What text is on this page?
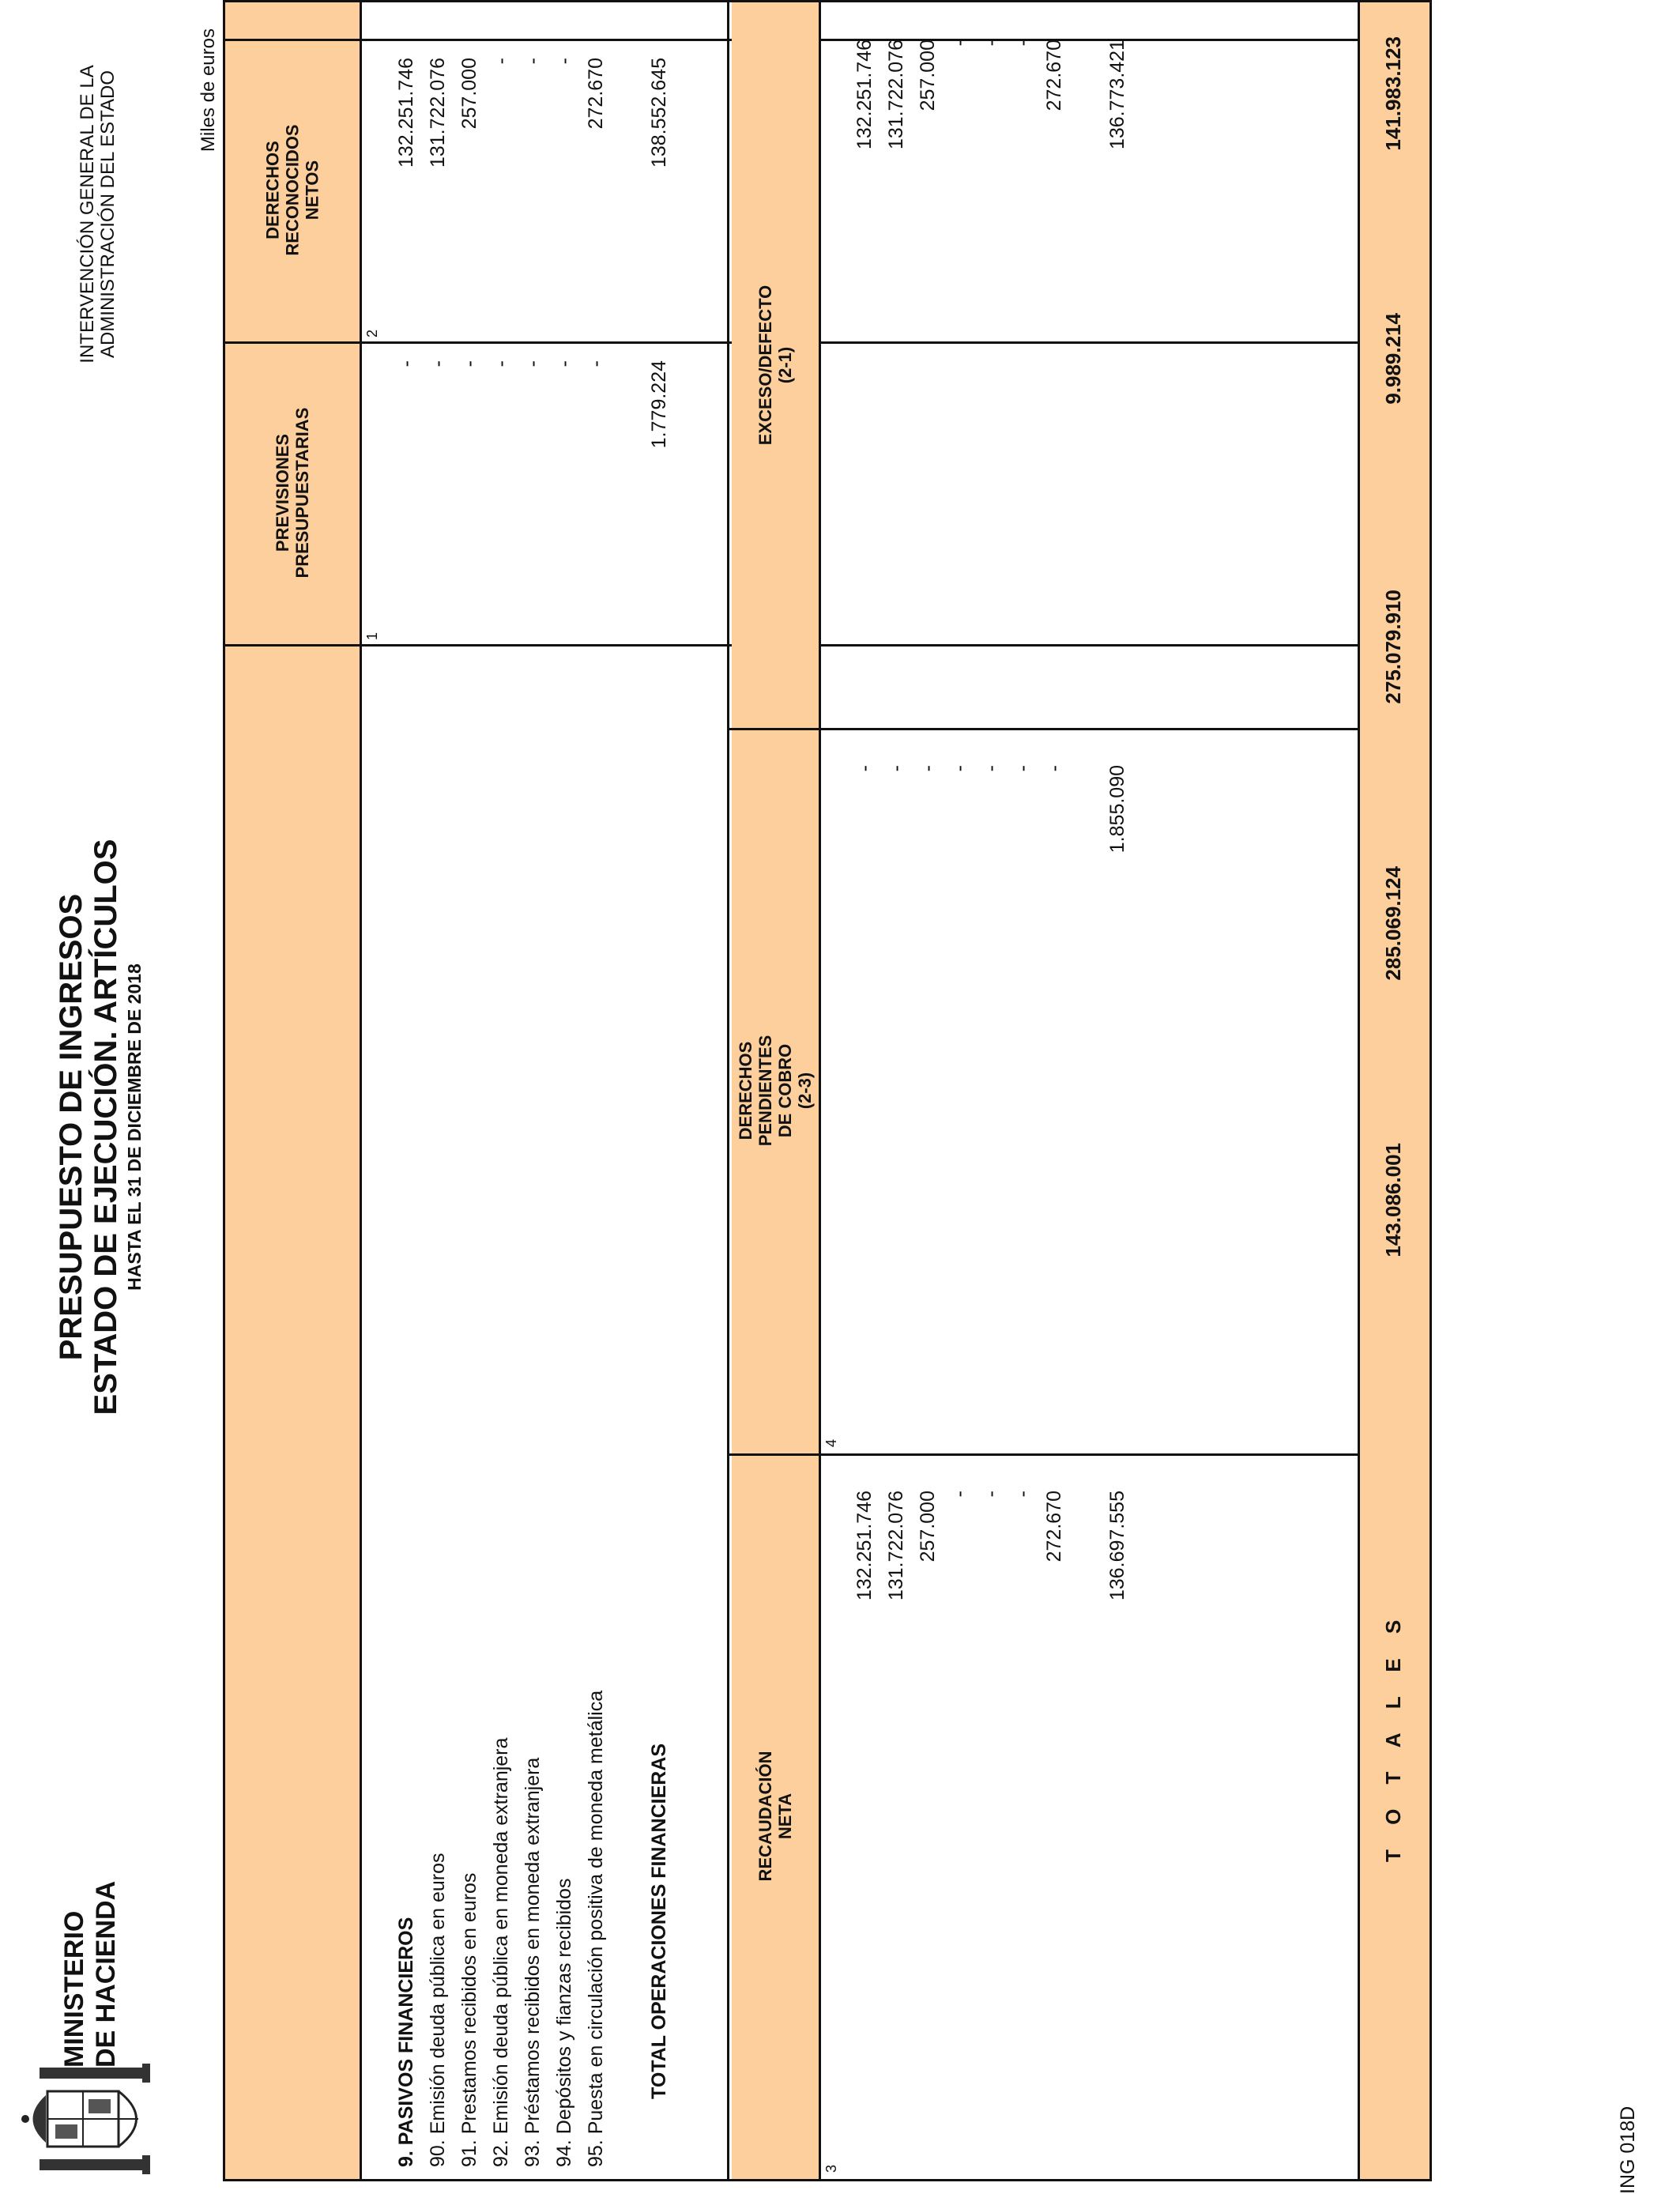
MINISTERIO DE HACIENDA
PRESUPUESTO DE INGRESOS ESTADO DE EJECUCIÓN. ARTÍCULOS HASTA EL 31 DE DICIEMBRE DE 2018
INTERVENCIÓN GENERAL DE LA ADMINISTRACIÓN DEL ESTADO	Miles de euros
PREVISIONES PRESUPUESTARIAS
DERECHOS RECONOCIDOS NETOS
1
2
9. PASIVOS FINANCIEROS 90. Emisión deuda pública en euros 91. Prestamos recibidos en euros 92. Emisión deuda pública en moneda extranjera 93. Préstamos recibidos en moneda extranjera 94. Depósitos y fianzas recibidos 95. Puesta en circulación positiva de moneda metálica TOTAL OPERACIONES FINANCIERAS
- - - - - - - 1.779.224
132.251.746 131.722.076 257.000 - - - 272.670 138.552.645
RECAUDACIÓN NETA
DERECHOS PENDIENTES DE COBRO (2-3)
EXCESO/DEFECTO (2-1)
3
4
132.251.746 131.722.076 257.000 - - - 272.670 136.697.555
- - - - - - - 1.855.090
132.251.746 131.722.076 257.000 - - - 272.670 136.773.421
T O T A L E S
143.086.001
285.069.124
275.079.910
9.989.214
141.983.123
ING 018D
